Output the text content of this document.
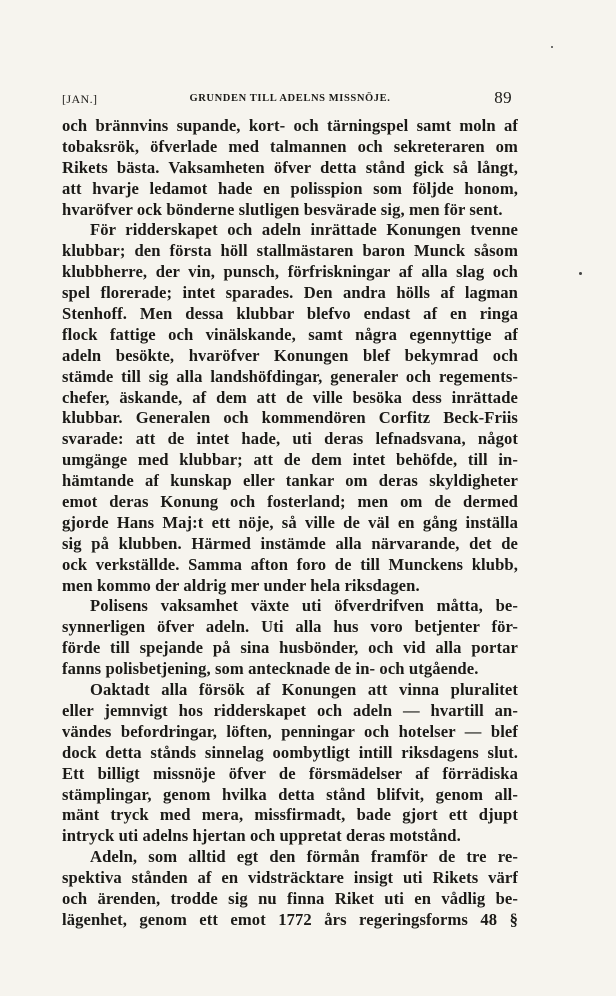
[JAN.]	GRUNDEN TILL ADELNS MISSNÖJE.	89
och brännvins supande, kort- och tärningspel samt moln af
tobaksrök, öfverlade med talmannen och sekreteraren om
Rikets bästa. Vaksamheten öfver detta stånd gick så långt,
att hvarje ledamot hade en polisspion som följde honom,
hvaröfver ock bönderne slutligen besvärade sig, men för sent.
För ridderskapet och adeln inrättade Konungen tvenne
klubbar; den första höll stallmästaren baron Munck såsom
klubbherre, der vin, punsch, förfriskningar af alla slag och
spel florerade; intet sparades. Den andra hölls af lagman
Stenhoff. Men dessa klubbar blefvo endast af en ringa
flock fattige och vinälskande, samt några egennyttige af
adeln besökte, hvaröfver Konungen blef bekymrad och
stämde till sig alla landshöfdingar, generaler och regements-
chefer, äskande, af dem att de ville besöka dess inrättade
klubbar. Generalen och kommendören Corfitz Beck-Friis
svarade: att de intet hade, uti deras lefnadsvana, något
umgänge med klubbar; att de dem intet behöfde, till in-
hämtande af kunskap eller tankar om deras skyldigheter
emot deras Konung och fosterland; men om de dermed
gjorde Hans Maj:t ett nöje, så ville de väl en gång inställa
sig på klubben. Härmed instämde alla närvarande, det de
ock verkställde. Samma afton foro de till Munckens klubb,
men kommo der aldrig mer under hela riksdagen.
Polisens vaksamhet växte uti öfverdrifven måtta, be-
synnerligen öfver adeln. Uti alla hus voro betjenter för-
förde till spejande på sina husbönder, och vid alla portar
fanns polisbetjening, som antecknade de in- och utgående.
Oaktadt alla försök af Konungen att vinna pluralitet
eller jemnvigt hos ridderskapet och adeln — hvartill an-
vändes befordringar, löften, penningar och hotelser — blef
dock detta stånds sinnelag oombytligt intill riksdagens slut.
Ett billigt missnöje öfver de försmädelser af förrädiska
stämplingar, genom hvilka detta stånd blifvit, genom all-
mänt tryck med mera, missfirmadt, bade gjort ett djupt
intryck uti adelns hjertan och uppretat deras motstånd.
Adeln, som alltid egt den förmån framför de tre re-
spektiva stånden af en vidsträcktare insigt uti Rikets värf
och ärenden, trodde sig nu finna Riket uti en vådlig be-
lägenhet, genom ett emot 1772 års regeringsforms 48 §
